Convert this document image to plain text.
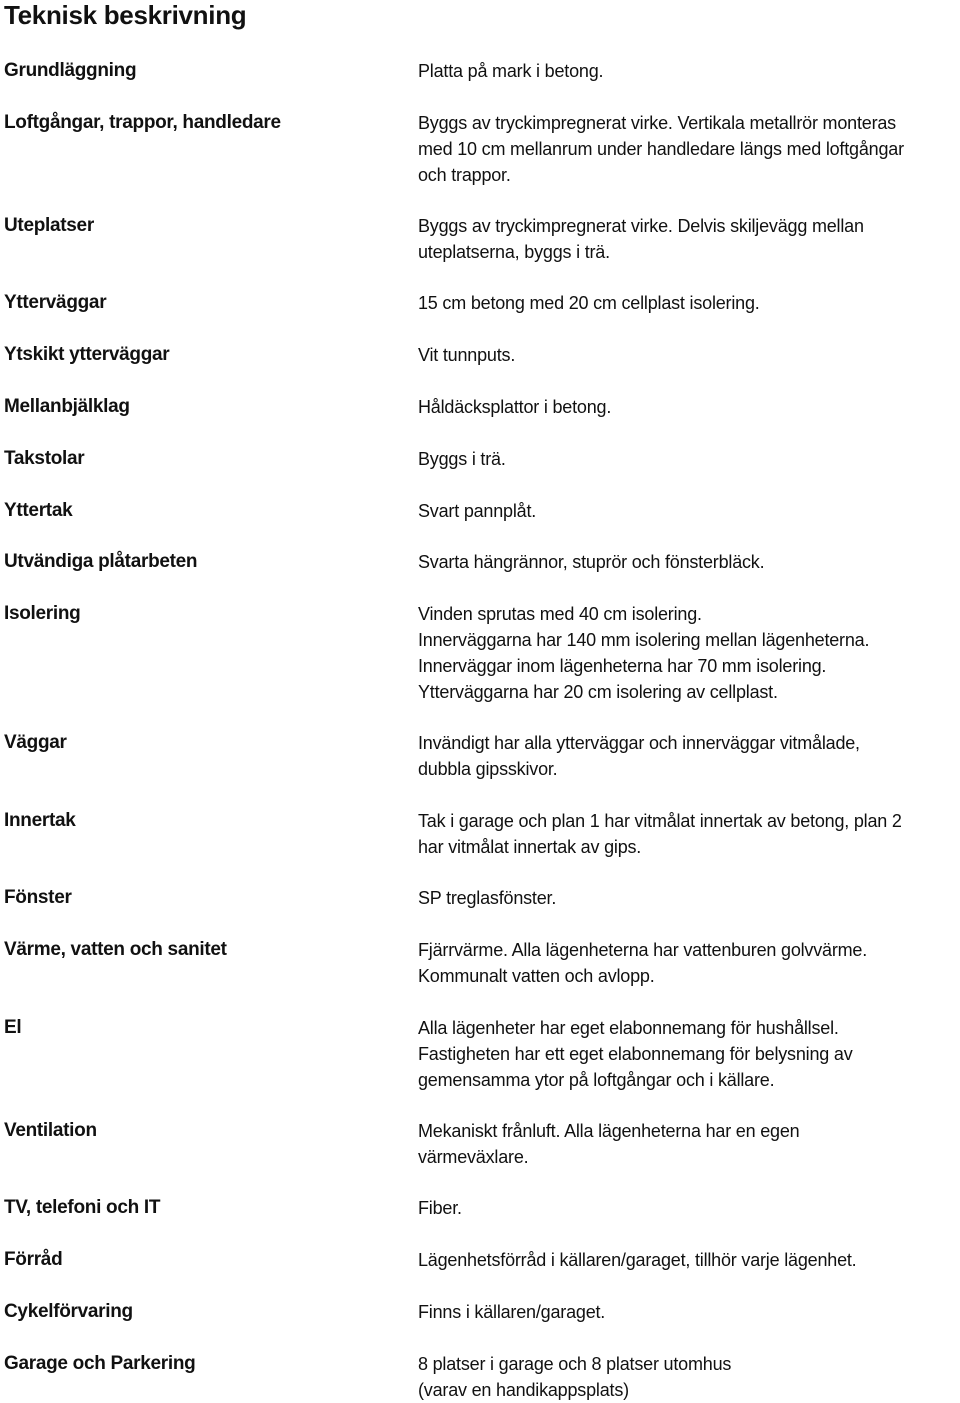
Teknisk beskrivning
Grundläggning	Platta på mark i betong.
Loftgångar, trappor, handledare	Byggs av tryckimpregnerat virke. Vertikala metallrör monteras
med 10 cm mellanrum under handledare längs med loftgångar
och trappor.
Uteplatser	Byggs av tryckimpregnerat virke. Delvis skiljevägg mellan
uteplatserna, byggs i trä.
Ytterväggar	15 cm betong med 20 cm cellplast isolering.
Ytskikt ytterväggar	Vit tunnputs.
Mellanbjälklag	Håldäcksplattor i betong.
Takstolar	Byggs i trä.
Yttertak	Svart pannplåt.
Utvändiga plåtarbeten	Svarta hängrännor, stuprör och fönsterbläck.
Isolering	Vinden sprutas med 40 cm isolering.
Innerväggarna har 140 mm isolering mellan lägenheterna.
Innerväggar inom lägenheterna har 70 mm isolering.
Ytterväggarna har 20 cm isolering av cellplast.
Väggar	Invändigt har alla ytterväggar och innerväggar vitmålade,
dubbla gipsskivor.
Innertak	Tak i garage och plan 1 har vitmålat innertak av betong, plan 2
har vitmålat innertak av gips.
Fönster	SP treglasfönster.
Värme, vatten och sanitet	Fjärrvärme. Alla lägenheterna har vattenburen golvvärme.
Kommunalt vatten och avlopp.
El	Alla lägenheter har eget elabonnemang för hushållsel.
Fastigheten har ett eget elabonnemang för belysning av
gemensamma ytor på loftgångar och i källare.
Ventilation	Mekaniskt frånluft. Alla lägenheterna har en egen
värmeväxlare.
TV, telefoni och IT	Fiber.
Förråd	Lägenhetsförråd i källaren/garaget, tillhör varje lägenhet.
Cykelförvaring	Finns i källaren/garaget.
Garage och Parkering	8 platser i garage och 8 platser utomhus
(varav en handikappsplats)
